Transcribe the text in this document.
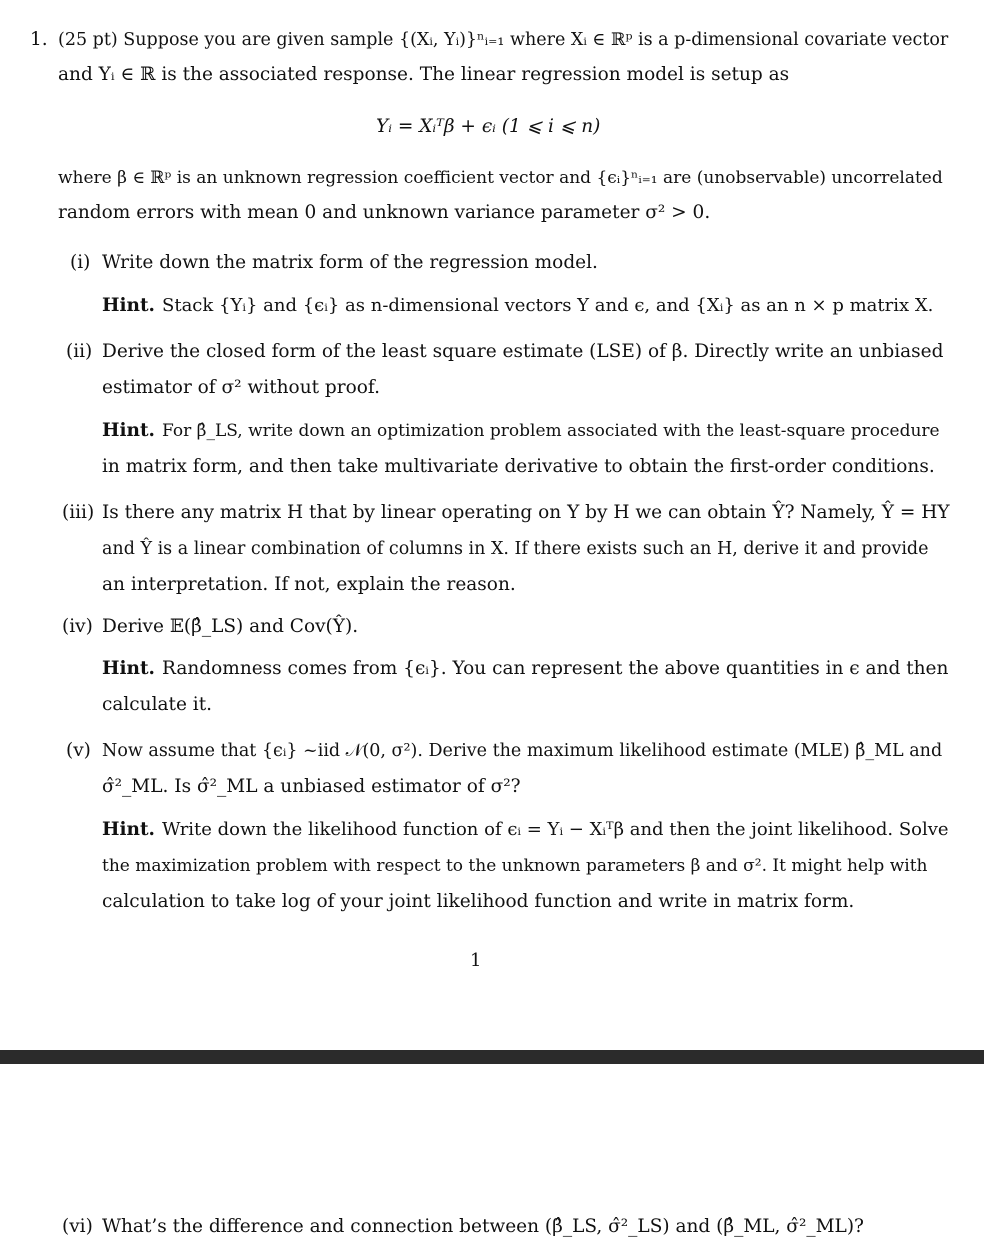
1. (25 pt) Suppose you are given sample {(Xᵢ, Yᵢ)}ⁿᵢ₌₁ where Xᵢ ∈ ℝᵖ is a p-dimensional covariate vector
and Yᵢ ∈ ℝ is the associated response. The linear regression model is setup as
Yᵢ = Xᵢᵀβ + ϵᵢ (1 ⩽ i ⩽ n)
where β ∈ ℝᵖ is an unknown regression coefficient vector and {ϵᵢ}ⁿᵢ₌₁ are (unobservable) uncorrelated
random errors with mean 0 and unknown variance parameter σ² > 0.
(i) Write down the matrix form of the regression model.
Hint. Stack {Yᵢ} and {ϵᵢ} as n-dimensional vectors Y and ϵ, and {Xᵢ} as an n × p matrix X.
(ii) Derive the closed form of the least square estimate (LSE) of β. Directly write an unbiased
estimator of σ² without proof.
Hint. For β̂_LS, write down an optimization problem associated with the least-square procedure
in matrix form, and then take multivariate derivative to obtain the first-order conditions.
(iii) Is there any matrix H that by linear operating on Y by H we can obtain Ŷ? Namely, Ŷ = HY
and Ŷ is a linear combination of columns in X. If there exists such an H, derive it and provide
an interpretation. If not, explain the reason.
(iv) Derive 𝔼(β̂_LS) and Cov(Ŷ).
Hint. Randomness comes from {ϵᵢ}. You can represent the above quantities in ϵ and then
calculate it.
(v) Now assume that {ϵᵢ} ~iid 𝒩(0, σ²). Derive the maximum likelihood estimate (MLE) β̂_ML and
σ̂²_ML. Is σ̂²_ML a unbiased estimator of σ²?
Hint. Write down the likelihood function of ϵᵢ = Yᵢ − Xᵢᵀβ and then the joint likelihood. Solve
the maximization problem with respect to the unknown parameters β and σ². It might help with
calculation to take log of your joint likelihood function and write in matrix form.
1
(vi) What’s the difference and connection between (β̂_LS, σ̂²_LS) and (β̂_ML, σ̂²_ML)?
